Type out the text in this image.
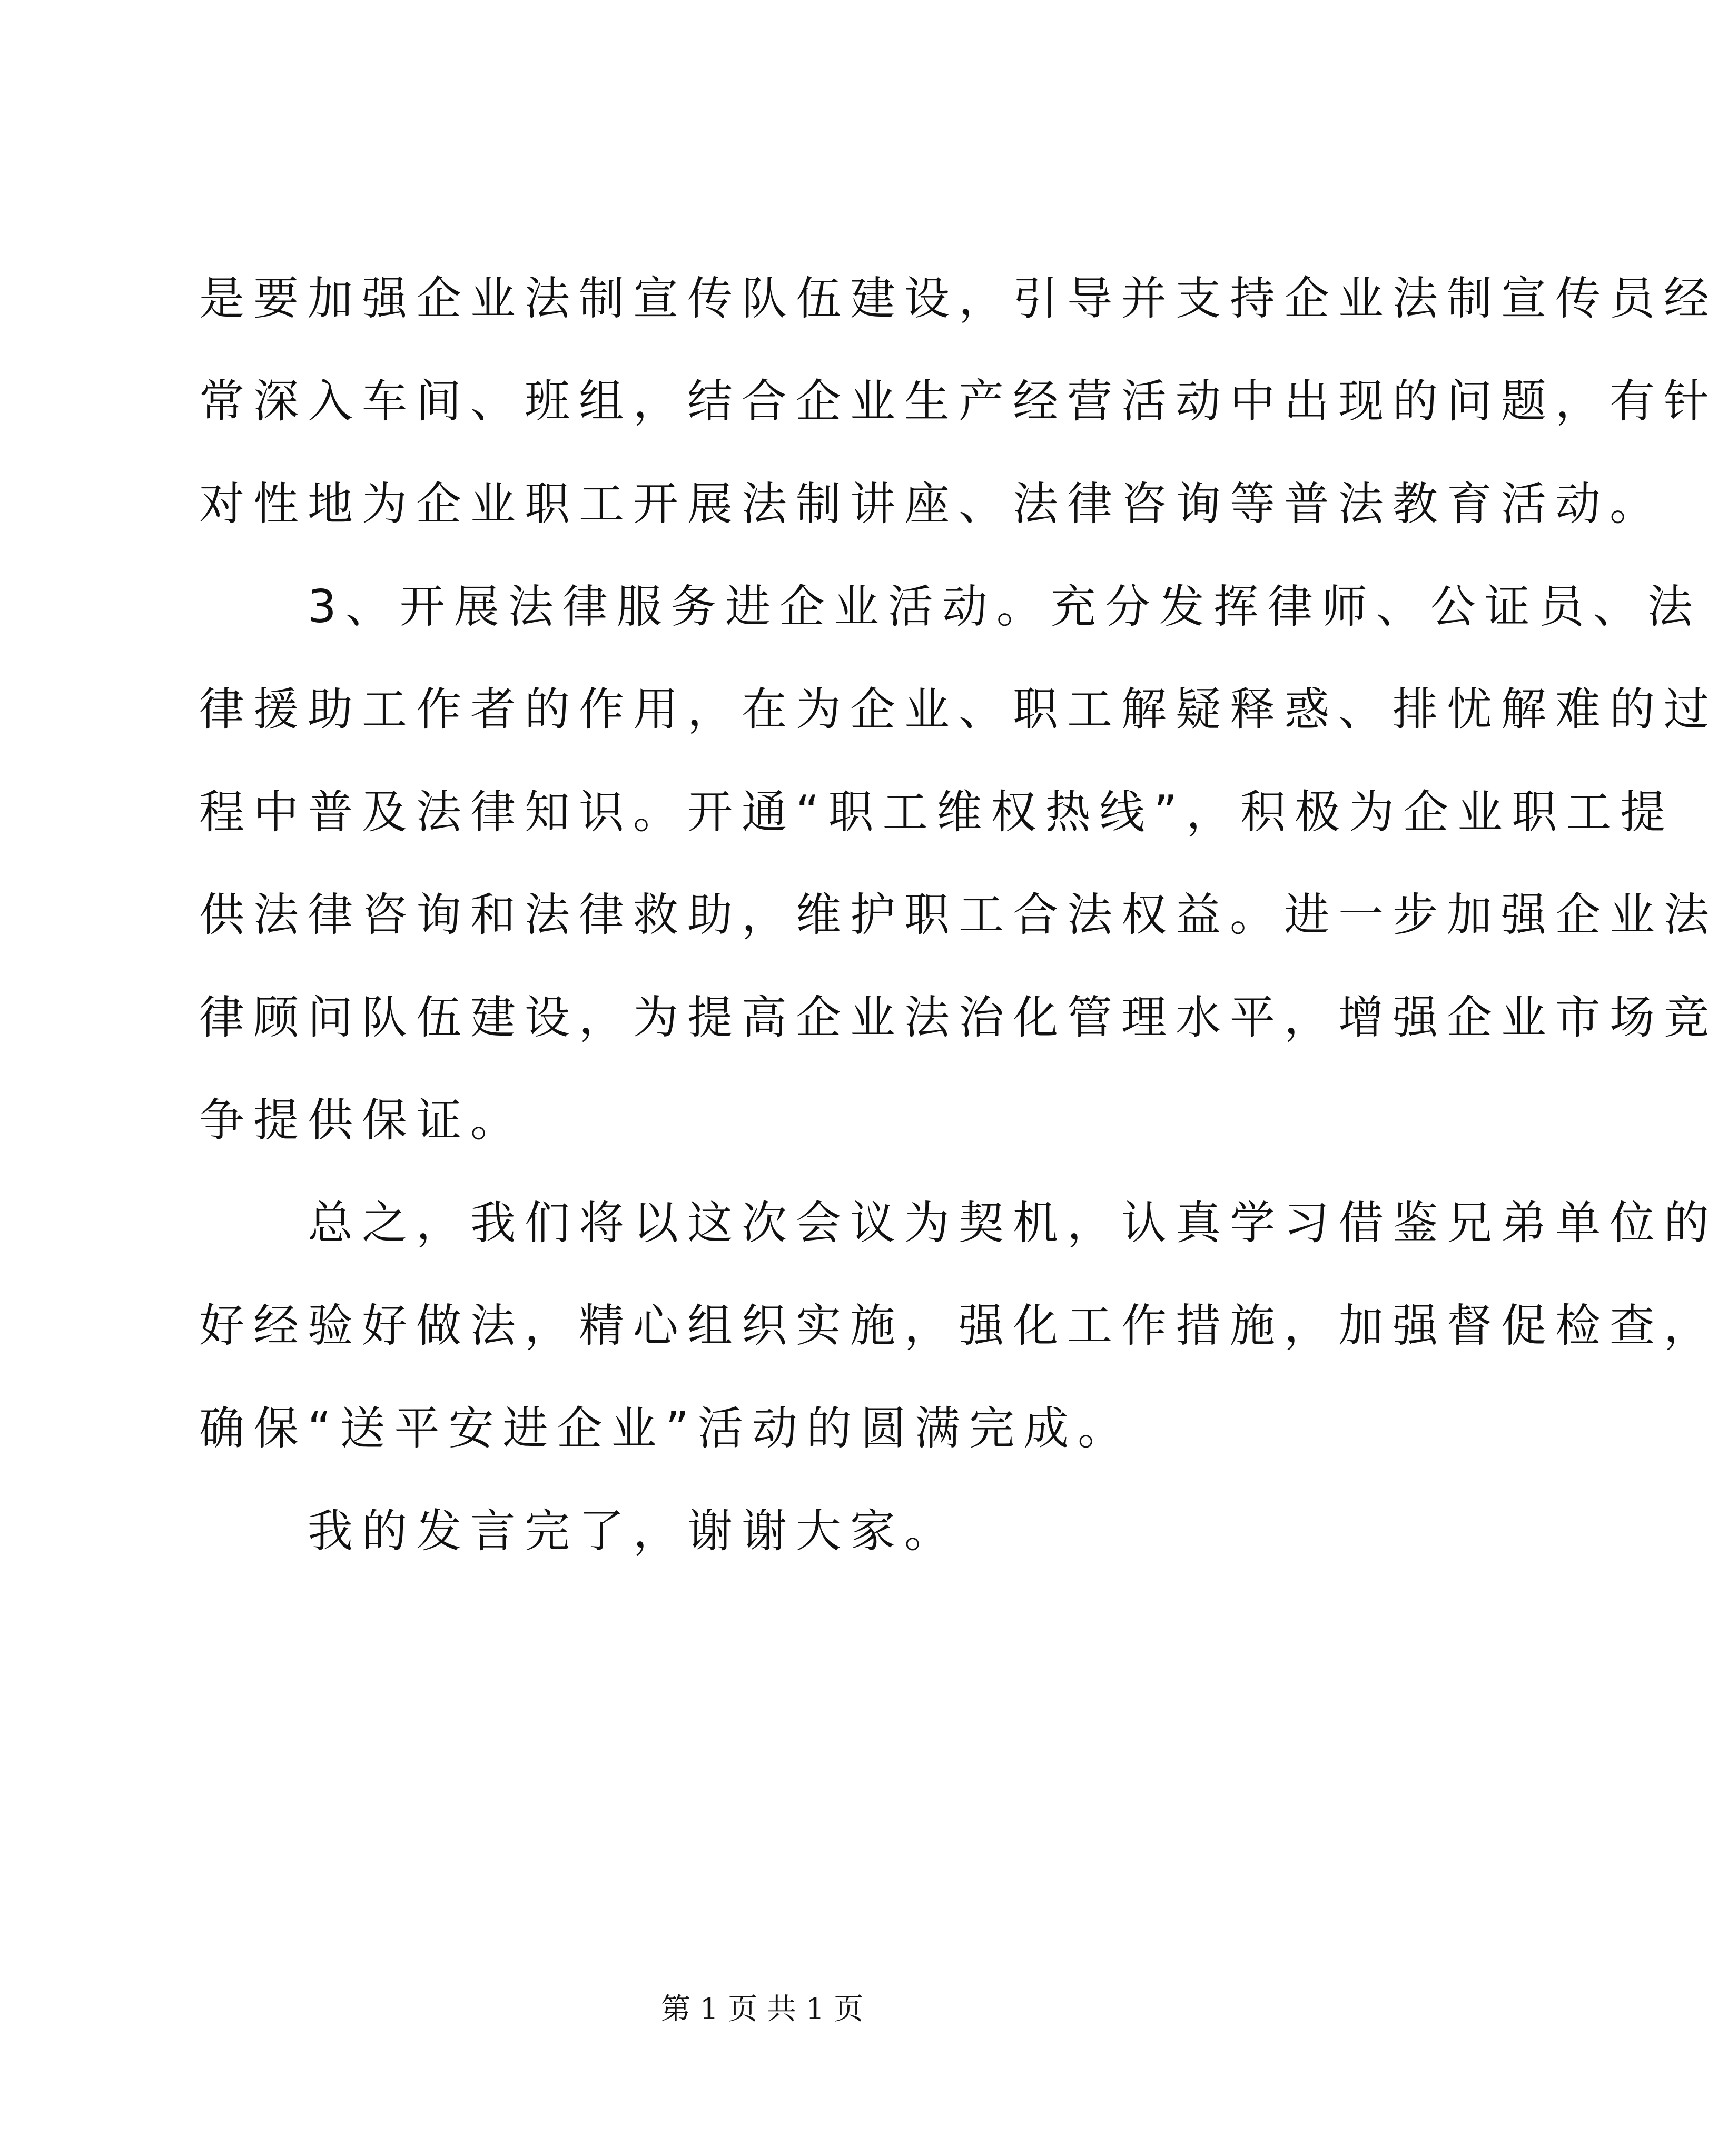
是要加强企业法制宣传队伍建设，引导并支持企业法制宣传员经
常深入车间、班组，结合企业生产经营活动中出现的问题，有针
对性地为企业职工开展法制讲座、法律咨询等普法教育活动。
　　3、开展法律服务进企业活动。充分发挥律师、公证员、法
律援助工作者的作用，在为企业、职工解疑释惑、排忧解难的过
程中普及法律知识。开通“职工维权热线”，积极为企业职工提
供法律咨询和法律救助，维护职工合法权益。进一步加强企业法
律顾问队伍建设，为提高企业法治化管理水平，增强企业市场竞
争提供保证。
　　总之，我们将以这次会议为契机，认真学习借鉴兄弟单位的
好经验好做法，精心组织实施，强化工作措施，加强督促检查，
确保“送平安进企业”活动的圆满完成。
　　我的发言完了，谢谢大家。
第 1 页 共 1 页
